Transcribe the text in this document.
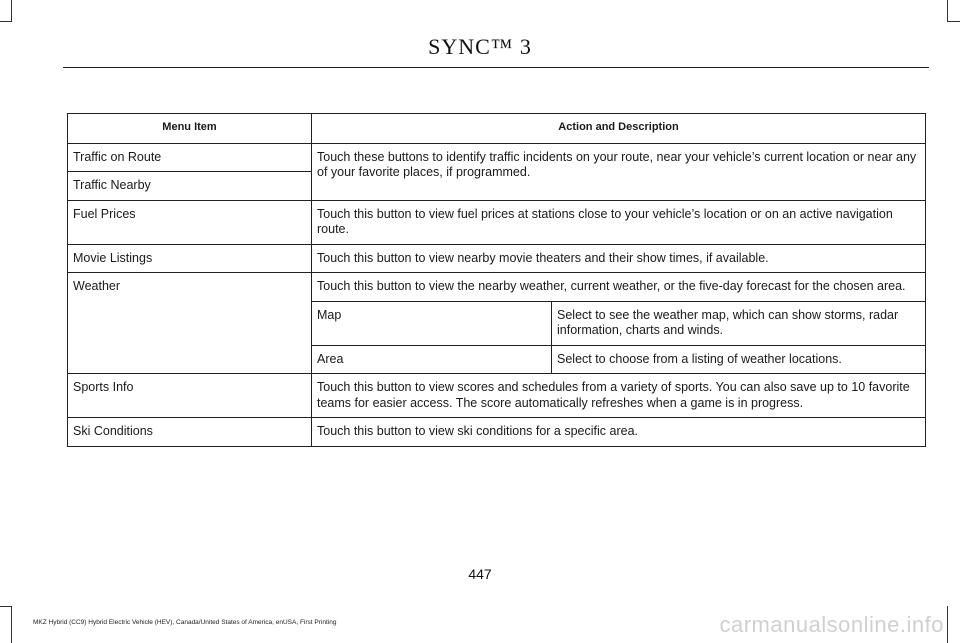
SYNC™ 3
Menu Item	Action and Description
Traffic on Route
Traffic Nearby
Touch these buttons to identify traffic incidents on your route, near your vehicle’s current location or near any of your favorite places, if programmed.
Fuel Prices	Touch this button to view fuel prices at stations close to your vehicle’s location or on an active navigation route.
Movie Listings	Touch this button to view nearby movie theaters and their show times, if available.
Weather	Touch this button to view the nearby weather, current weather, or the five-day forecast for the chosen area.
Map	Select to see the weather map, which can show storms, radar information, charts and winds.
Area	Select to choose from a listing of weather locations.
Sports Info	Touch this button to view scores and schedules from a variety of sports. You can also save up to 10 favorite teams for easier access. The score automatically refreshes when a game is in progress.
Ski Conditions	Touch this button to view ski conditions for a specific area.
447
MKZ Hybrid (CC9) Hybrid Electric Vehicle (HEV), Canada/United States of America, enUSA, First Printing	carmanualsonline.info
